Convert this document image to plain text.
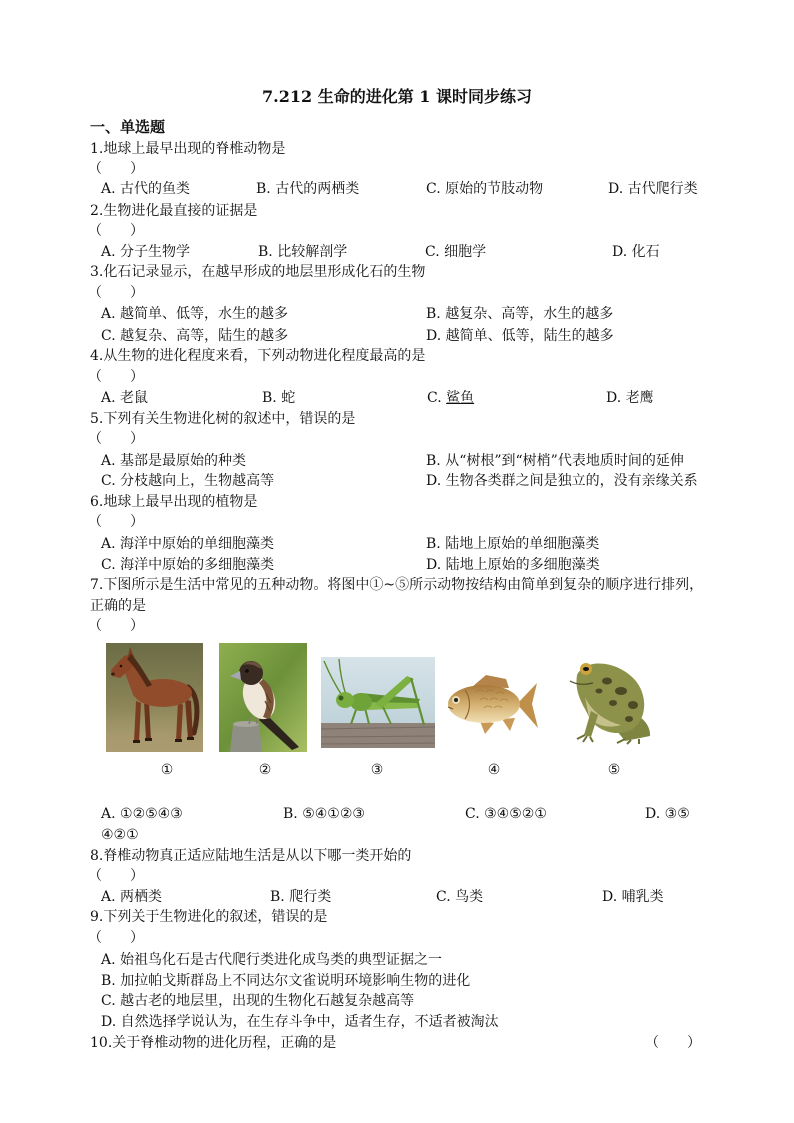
7.212 生命的进化第 1 课时同步练习
一、单选题
1.地球上最早出现的脊椎动物是
（　　）
A. 古代的鱼类	B. 古代的两栖类	C. 原始的节肢动物	D. 古代爬行类
2.生物进化最直接的证据是
（　　）
A. 分子生物学	B. 比较解剖学	C. 细胞学	D. 化石
3.化石记录显示，在越早形成的地层里形成化石的生物
（　　）
A. 越简单、低等，水生的越多	B. 越复杂、高等，水生的越多
C. 越复杂、高等，陆生的越多	D. 越简单、低等，陆生的越多
4.从生物的进化程度来看，下列动物进化程度最高的是
（　　）
A. 老鼠	B. 蛇	C. 鲨鱼	D. 老鹰
5.下列有关生物进化树的叙述中，错误的是
（　　）
A. 基部是最原始的种类	B. 从“树根”到“树梢”代表地质时间的延伸
C. 分枝越向上，生物越高等	D. 生物各类群之间是独立的，没有亲缘关系
6.地球上最早出现的植物是
（　　）
A. 海洋中原始的单细胞藻类	B. 陆地上原始的单细胞藻类
C. 海洋中原始的多细胞藻类	D. 陆地上原始的多细胞藻类
7.下图所示是生活中常见的五种动物。将图中①~⑤所示动物按结构由简单到复杂的顺序进行排列，
正确的是
（　　）
①	②	③	④	⑤
A. ①②⑤④③	B. ⑤④①②③	C. ③④⑤②①	D. ③⑤
④②①
8.脊椎动物真正适应陆地生活是从以下哪一类开始的
（　　）
A. 两栖类	B. 爬行类	C. 鸟类	D. 哺乳类
9.下列关于生物进化的叙述，错误的是
（　　）
A. 始祖鸟化石是古代爬行类进化成鸟类的典型证据之一
B. 加拉帕戈斯群岛上不同达尔文雀说明环境影响生物的进化
C. 越古老的地层里，出现的生物化石越复杂越高等
D. 自然选择学说认为，在生存斗争中，适者生存，不适者被淘汰
10.关于脊椎动物的进化历程，正确的是	（　　）
